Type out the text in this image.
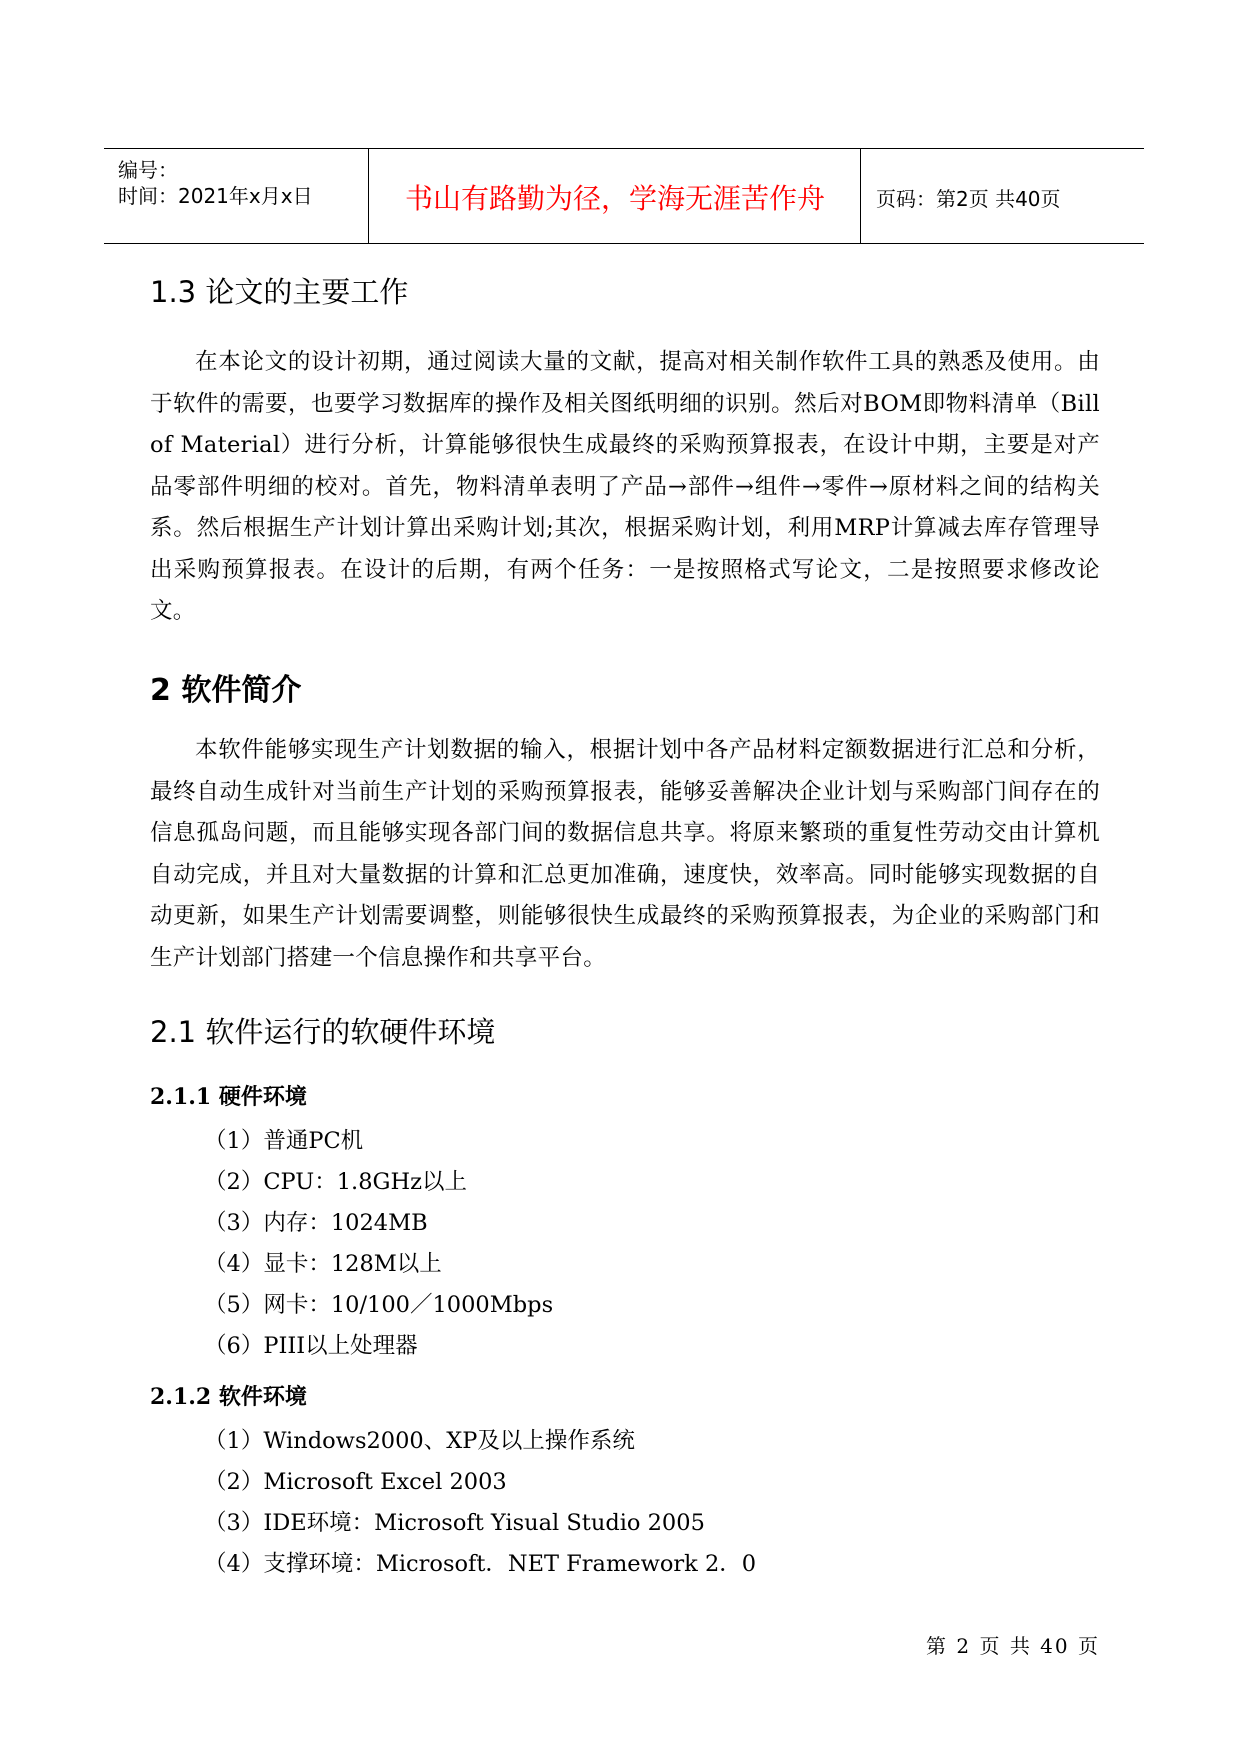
编号：
时间：2021年x月x日	书山有路勤为径，学海无涯苦作舟	页码：第2页 共40页
1.3 论文的主要工作

在本论文的设计初期，通过阅读大量的文献，提高对相关制作软件工具的熟悉及使用。由于软件的需要，也要学习数据库的操作及相关图纸明细的识别。然后对BOM即物料清单（Bill of Material）进行分析，计算能够很快生成最终的采购预算报表，在设计中期，主要是对产品零部件明细的校对。首先，物料清单表明了产品→部件→组件→零件→原材料之间的结构关系。然后根据生产计划计算出采购计划;其次，根据采购计划，利用MRP计算减去库存管理导出采购预算报表。在设计的后期，有两个任务：一是按照格式写论文，二是按照要求修改论文。

2 软件简介

本软件能够实现生产计划数据的输入，根据计划中各产品材料定额数据进行汇总和分析，最终自动生成针对当前生产计划的采购预算报表，能够妥善解决企业计划与采购部门间存在的信息孤岛问题，而且能够实现各部门间的数据信息共享。将原来繁琐的重复性劳动交由计算机自动完成，并且对大量数据的计算和汇总更加准确，速度快，效率高。同时能够实现数据的自动更新，如果生产计划需要调整，则能够很快生成最终的采购预算报表，为企业的采购部门和生产计划部门搭建一个信息操作和共享平台。

2.1 软件运行的软硬件环境
2.1.1 硬件环境
（1）普通PC机
（2）CPU：1.8GHz以上
（3）内存：1024MB
（4）显卡：128M以上
（5）网卡：10/100／1000Mbps
（6）PIII以上处理器
2.1.2 软件环境
（1）Windows2000、XP及以上操作系统
（2）Microsoft Excel 2003
（3）IDE环境：Microsoft Yisual Studio 2005
（4）支撑环境：Microsoft．NET Framework 2．0
第 2 页 共 40 页
